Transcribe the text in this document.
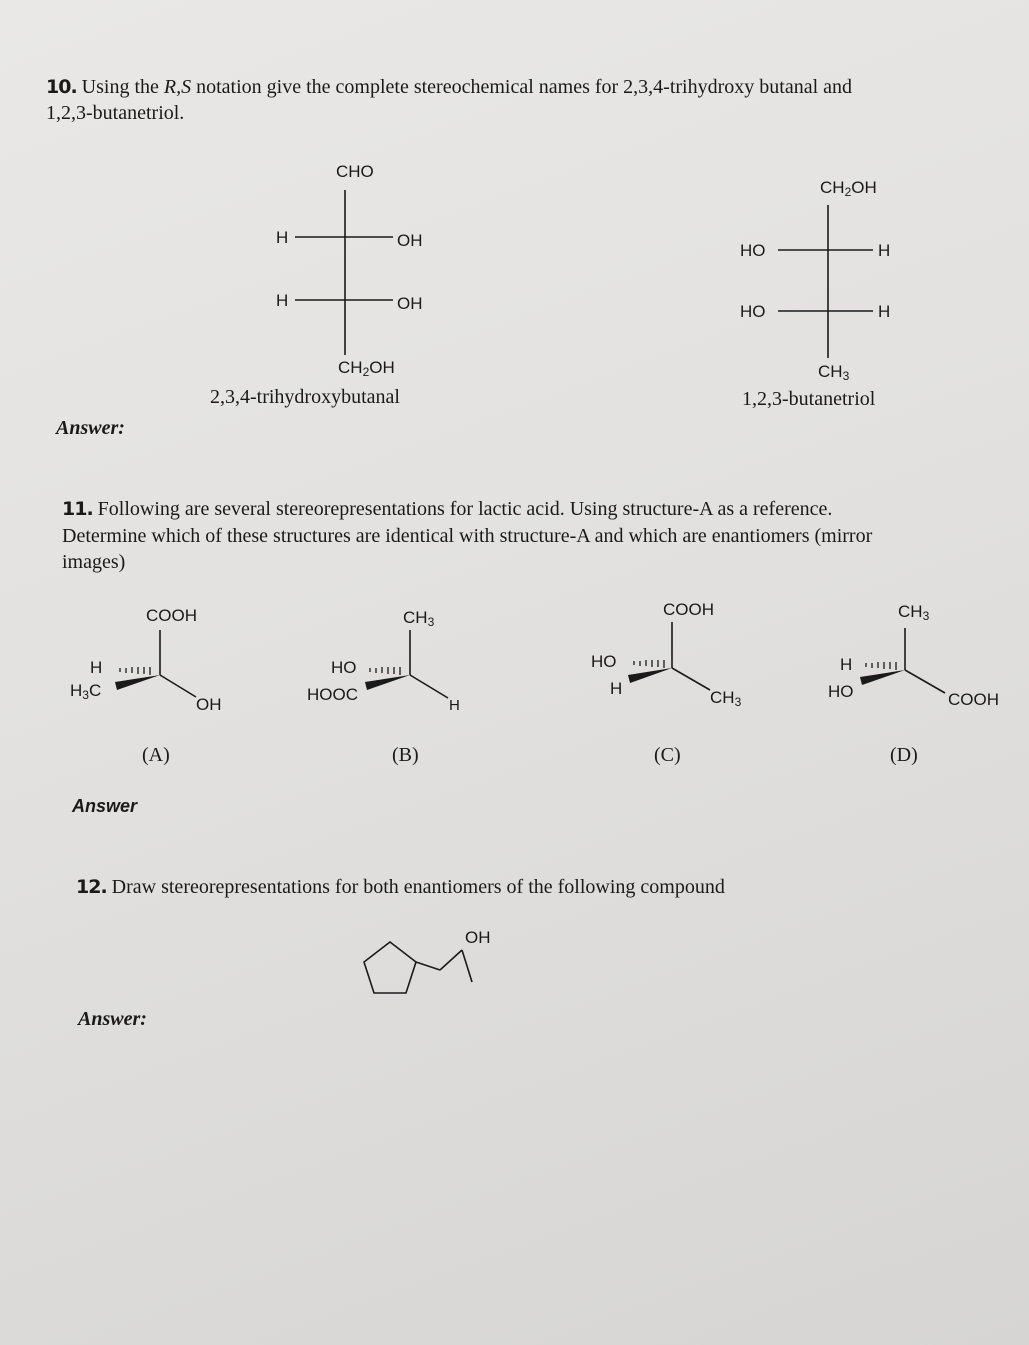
10. Using the R,S notation give the complete stereochemical names for 2,3,4-trihydroxy butanal and
1,2,3-butanetriol.
CHO
H	OH
H	OH
$CH_2OH$
2,3,4-trihydroxybutanal
$CH_2OH$
HO	H
HO	H
$CH_3$
1,2,3-butanetriol
Answer:
11. Following are several stereorepresentations for lactic acid. Using structure-A as a reference.
Determine which of these structures are identical with structure-A and which are enantiomers (mirror
images)
COOH
H
$H_3C$
OH
(A)
$CH_3$
HO
HOOC
H
(B)
COOH
HO
H	$CH_3$
(C)
$CH_3$
H
HO	COOH
(D)
Answer
12. Draw stereorepresentations for both enantiomers of the following compound
OH
Answer:
